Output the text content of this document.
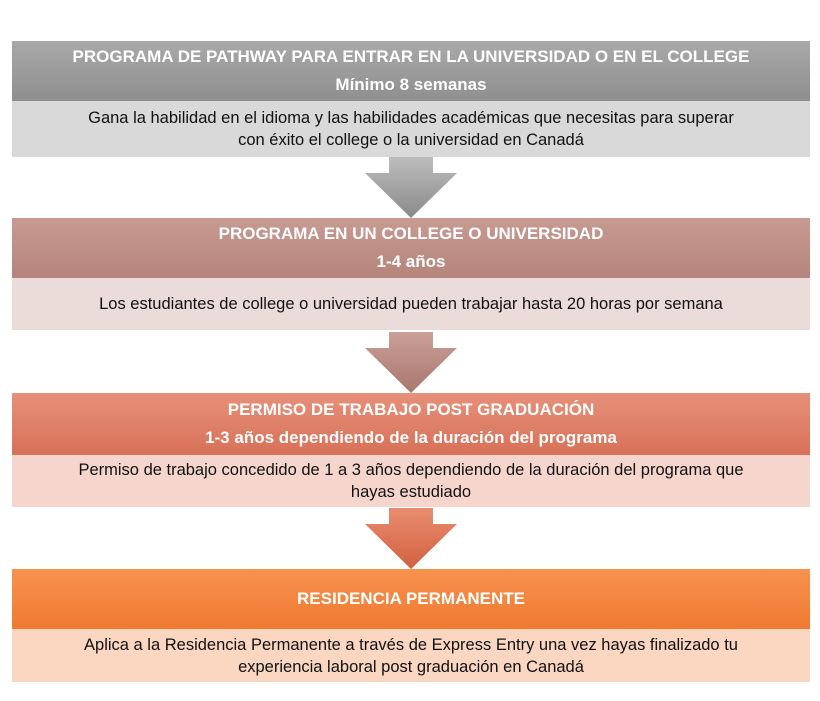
PROGRAMA DE PATHWAY PARA ENTRAR EN LA UNIVERSIDAD O EN EL COLLEGE
Mínimo 8 semanas
Gana la habilidad en el idioma y las habilidades académicas que necesitas para superar
con éxito el college o la universidad en Canadá
PROGRAMA EN UN COLLEGE O UNIVERSIDAD
1-4 años
Los estudiantes de college o universidad pueden trabajar hasta 20 horas por semana
PERMISO DE TRABAJO POST GRADUACIÓN
1-3 años dependiendo de la duración del programa
Permiso de trabajo concedido de 1 a 3 años dependiendo de la duración del programa que
hayas estudiado
RESIDENCIA PERMANENTE
Aplica a la Residencia Permanente a través de Express Entry una vez hayas finalizado tu
experiencia laboral post graduación en Canadá
